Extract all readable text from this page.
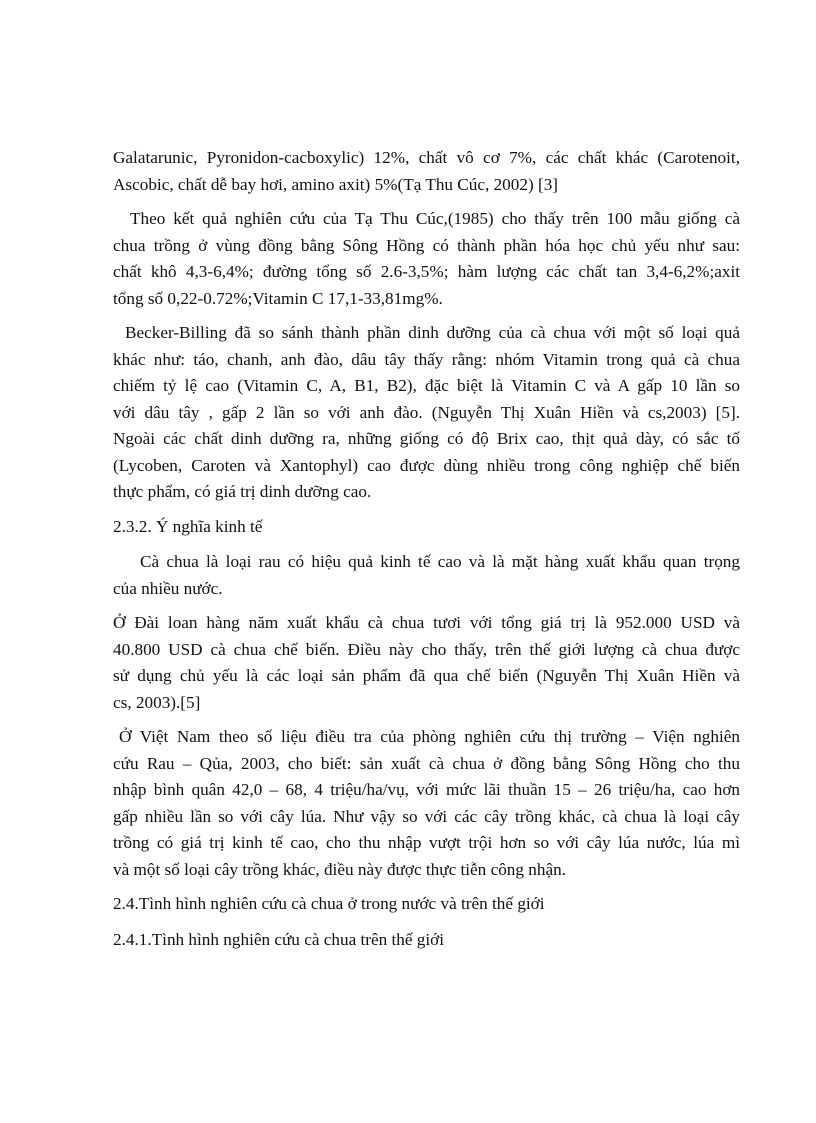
Galatarunic, Pyronidon-cacboxylic) 12%, chất vô cơ 7%, các chất khác (Carotenoit,
Ascobic, chất dễ bay hơi, amino axit) 5%(Tạ Thu Cúc, 2002) [3]
Theo kết quả nghiên cứu của Tạ Thu Cúc,(1985) cho thấy trên 100 mẫu giống cà
chua trồng ở vùng đồng bằng Sông Hồng có thành phần hóa học chủ yếu như sau:
chất khô 4,3-6,4%; đường tổng số 2.6-3,5%; hàm lượng các chất tan 3,4-6,2%;axit
tổng số 0,22-0.72%;Vitamin C 17,1-33,81mg%.
Becker-Billing đã so sánh thành phần dinh dưỡng của cà chua với một số loại quả
khác như: táo, chanh, anh đào, dâu tây thấy rằng: nhóm Vitamin trong quả cà chua
chiếm tỷ lệ cao (Vitamin C, A, B1, B2), đặc biệt là Vitamin C và A gấp 10 lần so
với dâu tây , gấp 2 lần so với anh đào. (Nguyễn Thị Xuân Hiền và cs,2003) [5].
Ngoài các chất dinh dưỡng ra, những giống có độ Brix cao, thịt quả dày, có sắc tố
(Lycoben, Caroten và Xantophyl) cao được dùng nhiều trong công nghiệp chế biến
thực phẩm, có giá trị dinh dưỡng cao.
2.3.2. Ý nghĩa kinh tế
Cà chua là loại rau có hiệu quả kinh tế cao và là mặt hàng xuất khẩu quan trọng
của nhiều nước.
Ở Đài loan hàng năm xuất khẩu cà chua tươi với tổng giá trị là 952.000 USD và
40.800 USD cà chua chế biến. Điều này cho thấy, trên thế giới lượng cà chua được
sử dụng chủ yếu là các loại sản phẩm đã qua chế biến (Nguyễn Thị Xuân Hiền và
cs, 2003).[5]
Ở Việt Nam theo số liệu điều tra của phòng nghiên cứu thị trường – Viện nghiên
cứu Rau – Qủa, 2003, cho biết: sản xuất cà chua ở đồng bằng Sông Hồng cho thu
nhập bình quân 42,0 – 68, 4 triệu/ha/vụ, với mức lãi thuần 15 – 26 triệu/ha, cao hơn
gấp nhiều lần so với cây lúa. Như vậy so với các cây trồng khác, cà chua là loại cây
trồng có giá trị kinh tế cao, cho thu nhập vượt trội hơn so với cây lúa nước, lúa mì
và một số loại cây trồng khác, điều này được thực tiễn công nhận.
2.4.Tình hình nghiên cứu cà chua ở trong nước và trên thế giới
2.4.1.Tình hình nghiên cứu cà chua trên thế giới
